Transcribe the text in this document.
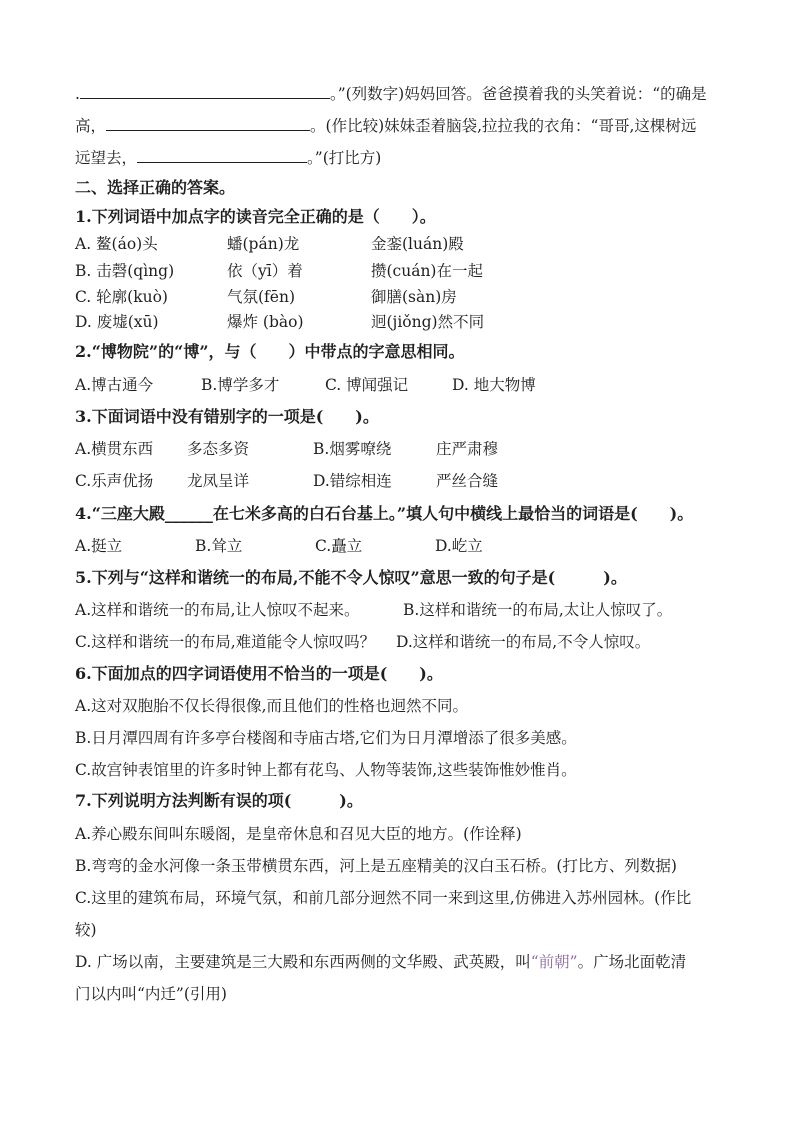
.	。”(列数字)妈妈回答。爸爸摸着我的头笑着说：“的确是
高，	。(作比较)妹妹歪着脑袋,拉拉我的衣角：“哥哥,这棵树远
远望去，	。”(打比方)
二、选择正确的答案。
1.下列词语中加点字的读音完全正确的是（　　）。
A. 鳌(áo)头	蟠(pán)龙	金銮(luán)殿
B. 击磬(qìng)	依（yī）着	攒(cuán)在一起
C. 轮廓(kuò)	气氛(fēn)	御膳(sàn)房
D. 废墟(xū)	爆炸 (bào)	迥(jiǒng)然不同
2.“博物院”的“博”，与（　　）中带点的字意思相同。
A.博古通今	B.博学多才	C. 博闻强记	D. 地大物博
3.下面词语中没有错别字的一项是(　　)。
A.横贯东西 多态多资	B.烟雾嘹绕	庄严肃穆
C.乐声优扬 龙凤呈详	D.错综相连	严丝合缝
4.“三座大殿______在七米多高的白石台基上。”填人句中横线上最恰当的词语是(　　)。
A.挺立	B.耸立	C.矗立	D.屹立
5.下列与“这样和谐统一的布局,不能不令人惊叹”意思一致的句子是(　　　)。
A.这样和谐统一的布局,让人惊叹不起来。	B.这样和谐统一的布局,太让人惊叹了。
C.这样和谐统一的布局,难道能令人惊叹吗？ D.这样和谐统一的布局,不令人惊叹。
6.下面加点的四字词语使用不恰当的一项是(　　)。
A.这对双胞胎不仅长得很像,而且他们的性格也迥然不同。
B.日月潭四周有许多亭台楼阁和寺庙古塔,它们为日月潭增添了很多美感。
C.故宫钟表馆里的许多时钟上都有花鸟、人物等装饰,这些装饰惟妙惟肖。
7.下列说明方法判断有误的项(　　　)。
A.养心殿东间叫东暖阁，是皇帝休息和召见大臣的地方。(作诠释)
B.弯弯的金水河像一条玉带横贯东西，河上是五座精美的汉白玉石桥。(打比方、列数据)
C.这里的建筑布局，环境气氛，和前几部分迥然不同一来到这里,仿佛进入苏州园林。(作比
较)
D. 广场以南，主要建筑是三大殿和东西两侧的文华殿、武英殿，叫“前朝”。广场北面乾清
门以内叫“内迁”(引用)
